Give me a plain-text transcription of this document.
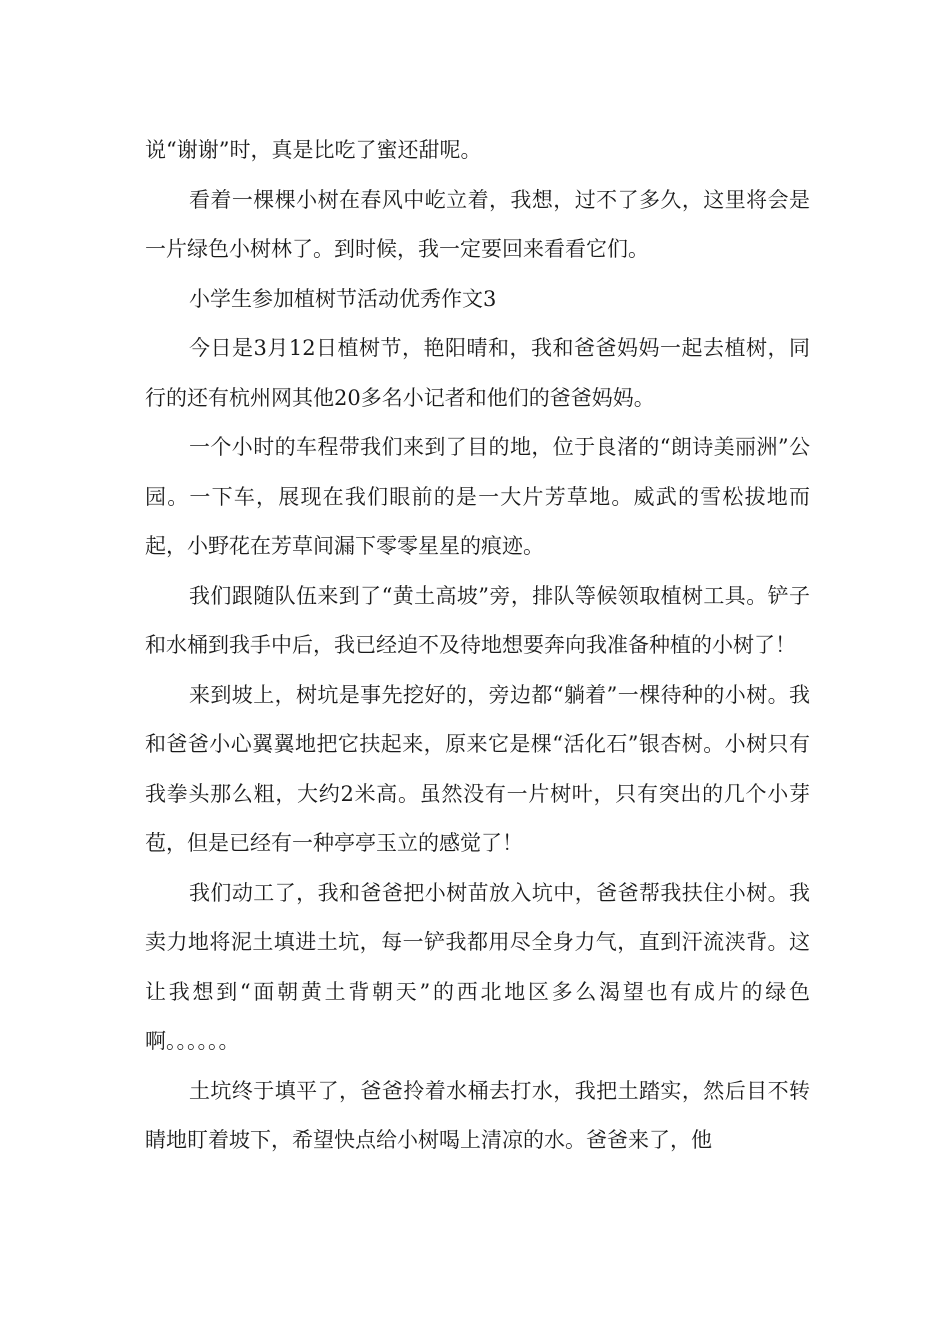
说“谢谢”时，真是比吃了蜜还甜呢。

看着一棵棵小树在春风中屹立着，我想，过不了多久，这里将会是一片绿色小树林了。到时候，我一定要回来看看它们。

小学生参加植树节活动优秀作文3

今日是3月12日植树节，艳阳晴和，我和爸爸妈妈一起去植树，同行的还有杭州网其他20多名小记者和他们的爸爸妈妈。

一个小时的车程带我们来到了目的地，位于良渚的“朗诗美丽洲”公园。一下车，展现在我们眼前的是一大片芳草地。威武的雪松拔地而起，小野花在芳草间漏下零零星星的痕迹。

我们跟随队伍来到了“黄土高坡”旁，排队等候领取植树工具。铲子和水桶到我手中后，我已经迫不及待地想要奔向我准备种植的小树了！

来到坡上，树坑是事先挖好的，旁边都“躺着”一棵待种的小树。我和爸爸小心翼翼地把它扶起来，原来它是棵“活化石”银杏树。小树只有我拳头那么粗，大约2米高。虽然没有一片树叶，只有突出的几个小芽苞，但是已经有一种亭亭玉立的感觉了！

我们动工了，我和爸爸把小树苗放入坑中，爸爸帮我扶住小树。我卖力地将泥土填进土坑，每一铲我都用尽全身力气，直到汗流浃背。这让我想到“面朝黄土背朝天”的西北地区多么渴望也有成片的绿色啊。。。。。。

土坑终于填平了，爸爸拎着水桶去打水，我把土踏实，然后目不转睛地盯着坡下，希望快点给小树喝上清凉的水。爸爸来了，他
